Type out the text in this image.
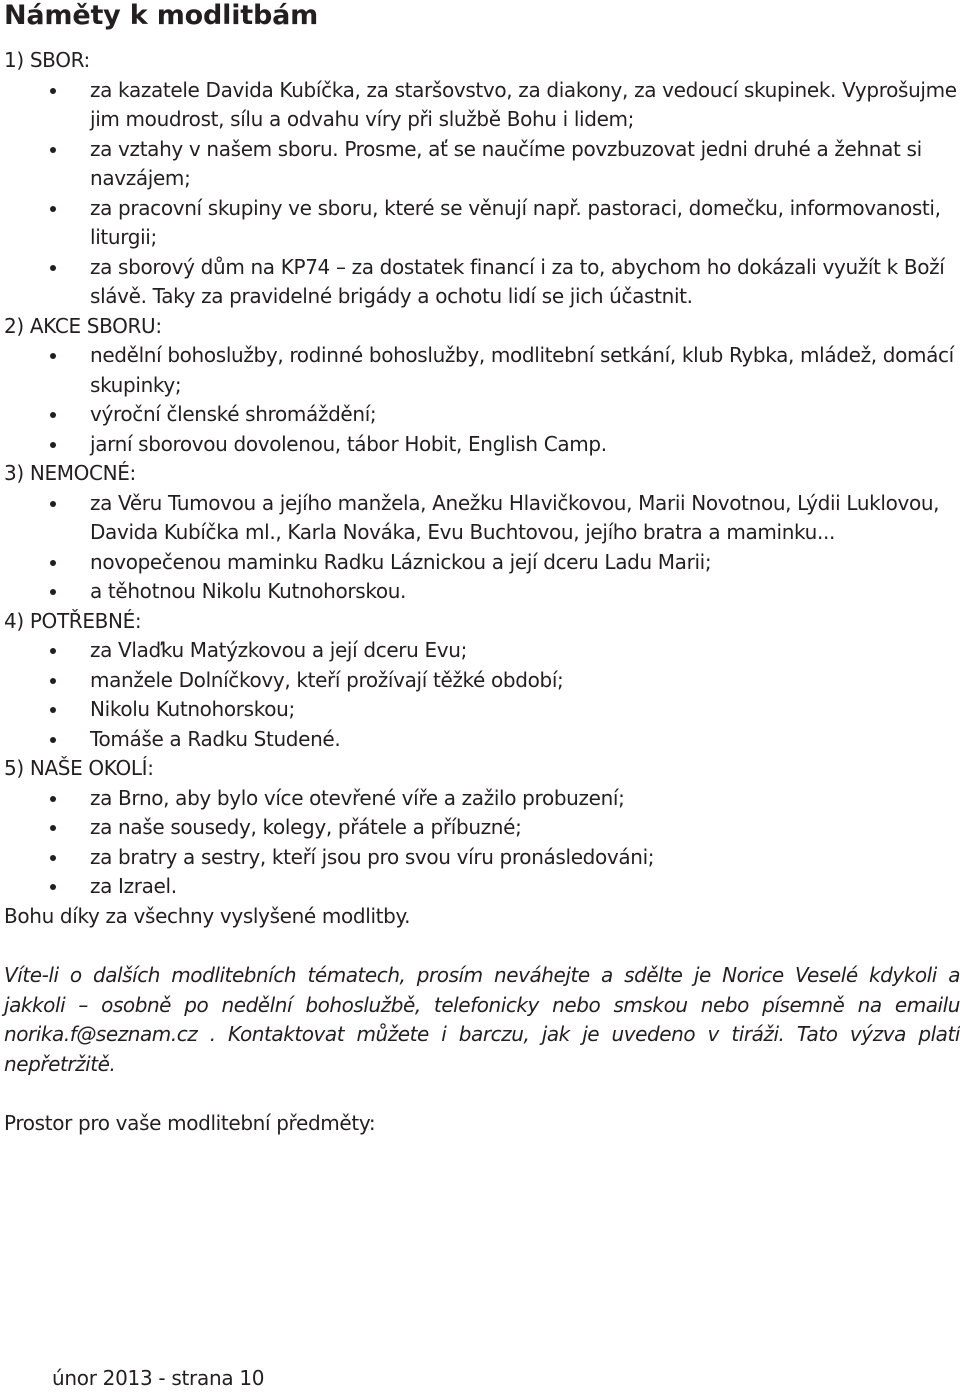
Náměty k modlitbám

1) SBOR:

za kazatele Davida Kubíčka, za staršovstvo, za diakony, za vedoucí skupinek. Vyprošujme jim moudrost, sílu a odvahu víry při službě Bohu i lidem;
za vztahy v našem sboru. Prosme, ať se naučíme povzbuzovat jedni druhé a žehnat si navzájem;
za pracovní skupiny ve sboru, které se věnují např. pastoraci, domečku, informovanosti, liturgii;
za sborový dům na KP74 – za dostatek financí i za to, abychom ho dokázali využít k Boží slávě. Taky za pravidelné brigády a ochotu lidí se jich účastnit.

2) AKCE SBORU:

nedělní bohoslužby, rodinné bohoslužby, modlitební setkání, klub Rybka, mládež, domácí skupinky;
výroční členské shromáždění;
jarní sborovou dovolenou, tábor Hobit, English Camp.

3) NEMOCNÉ:

za Věru Tumovou a jejího manžela, Anežku Hlavičkovou, Marii Novotnou, Lýdii Luklovou, Davida Kubíčka ml., Karla Nováka, Evu Buchtovou, jejího bratra a maminku...
novopečenou maminku Radku Láznickou a její dceru Ladu Marii;
a těhotnou Nikolu Kutnohorskou.

4) POTŘEBNÉ:

za Vlaďku Matýzkovou a její dceru Evu;
manžele Dolníčkovy, kteří prožívají těžké období;
Nikolu Kutnohorskou;
Tomáše a Radku Studené.

5) NAŠE OKOLÍ:

za Brno, aby bylo více otevřené víře a zažilo probuzení;
za naše sousedy, kolegy, přátele a příbuzné;
za bratry a sestry, kteří jsou pro svou víru pronásledováni;
za Izrael.

Bohu díky za všechny vyslyšené modlitby.

Víte-li o dalších modlitebních tématech, prosím neváhejte a sdělte je Norice Veselé kdykoli a jakkoli – osobně po nedělní bohoslužbě, telefonicky nebo smskou nebo písemně na emailu norika.f@seznam.cz . Kontaktovat můžete i barczu, jak je uvedeno v tiráži. Tato výzva platí nepřetržitě.

Prostor pro vaše modlitební předměty:

únor 2013 - strana 10
